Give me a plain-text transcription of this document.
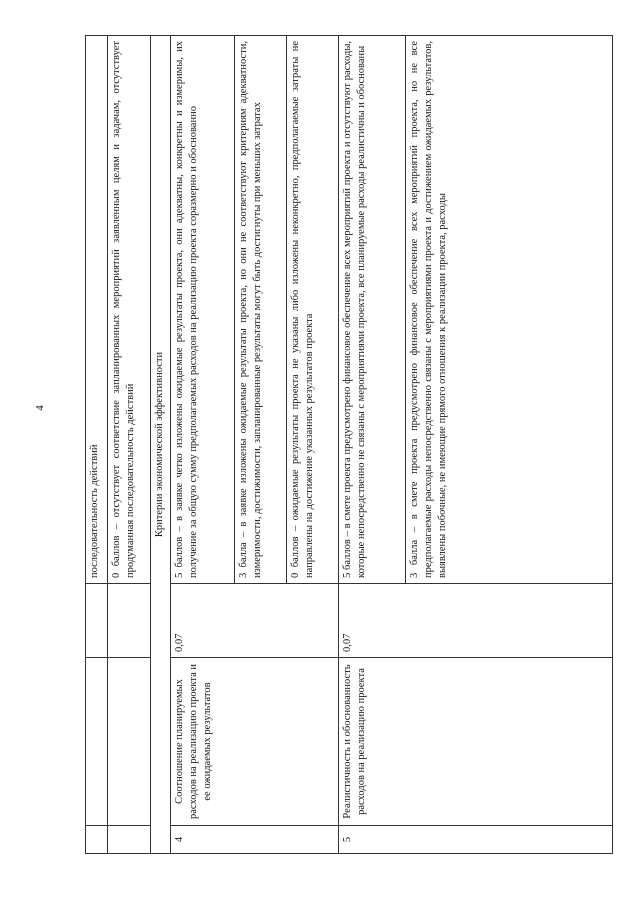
4
			последовательность действий
			0 баллов – отсутствует соответствие запланированных мероприятий заявленным целям и задачам, отсутствует продуманная последовательность действий
Критерии экономической эффективности			
4	Соотношение планируемых расходов на реализацию проекта и ее ожидаемых результатов	0,07	5 баллов – в заявке четко изложены ожидаемые результаты проекта, они адекватны, конкретны и измеримы, их получение за общую сумму предполагаемых расходов на реализацию проекта соразмерно и обоснованно
			3 балла – в заявке изложены ожидаемые результаты проекта, но они не соответствуют критериям адекватности, измеримости, достижимости, запланированные результаты могут быть достигнуты при меньших затратах
			0 баллов – ожидаемые результаты проекта не указаны либо изложены неконкретно, предполагаемые затраты не направлены на достижение указанных результатов проекта
5	Реалистичность и обоснованность расходов на реализацию проекта	0,07	5 баллов – в смете проекта предусмотрено финансовое обеспечение всех мероприятий проекта и отсутствуют расходы, которые непосредственно не связаны с мероприятиями проекта, все планируемые расходы реалистичны и обоснованы
			3 балла – в смете проекта предусмотрено финансовое обеспечение всех мероприятий проекта, но не все предполагаемые расходы непосредственно связаны с мероприятиями проекта и достижением ожидаемых результатов, выявлены побочные, не имеющие прямого отношения к реализации проекта, расходы
